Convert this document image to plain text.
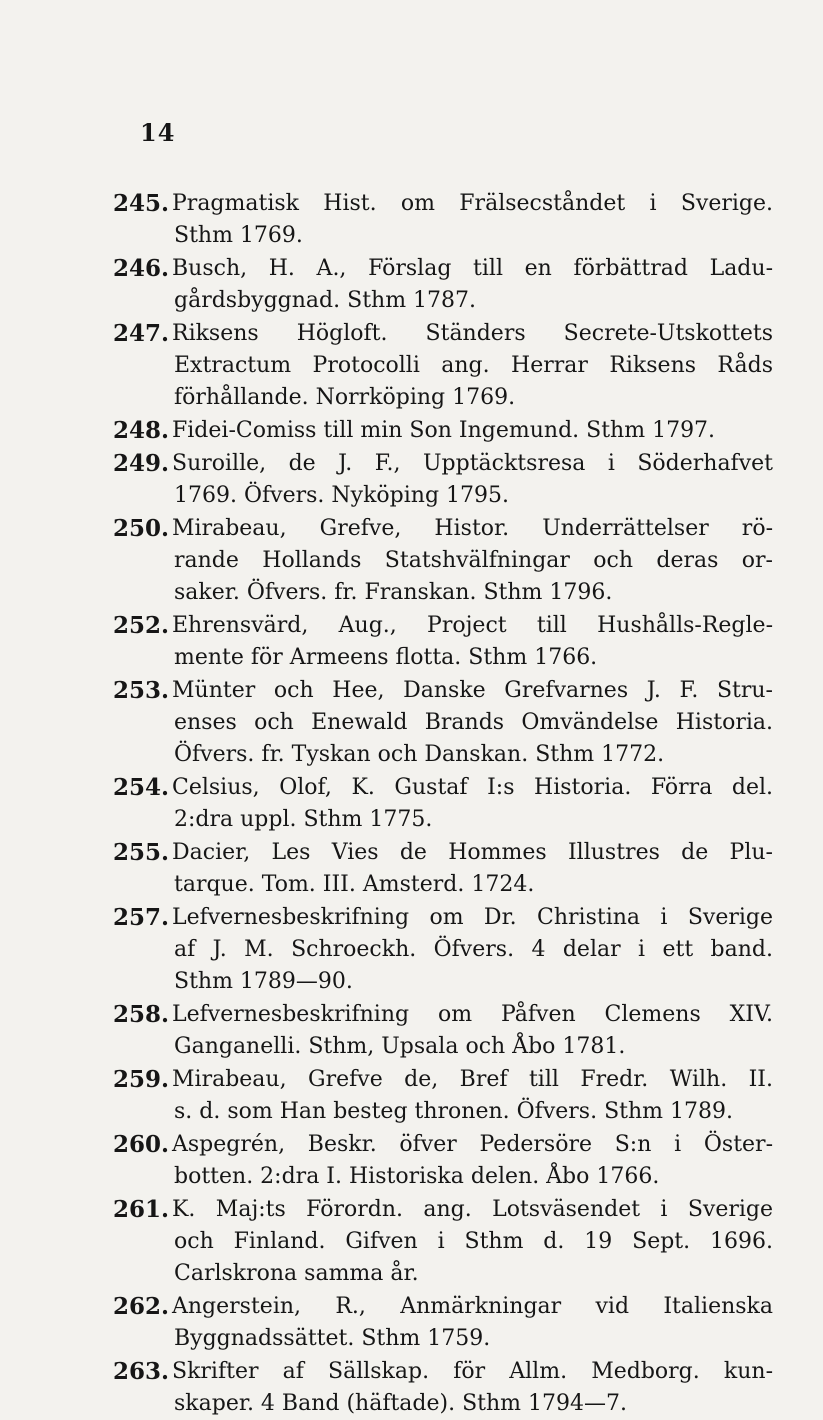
14
245. Pragmatisk Hist. om Frälsecståndet i Sverige.
Sthm 1769.
246. Busch, H. A., Förslag till en förbättrad Ladu-
gårdsbyggnad. Sthm 1787.
247. Riksens Högloft. Ständers Secrete-Utskottets
Extractum Protocolli ang. Herrar Riksens Råds
förhållande. Norrköping 1769.
248. Fidei-Comiss till min Son Ingemund. Sthm 1797.
249. Suroille, de J. F., Upptäcktsresa i Söderhafvet
1769. Öfvers. Nyköping 1795.
250. Mirabeau, Grefve, Histor. Underrättelser rö-
rande Hollands Statshvälfningar och deras or-
saker. Öfvers. fr. Franskan. Sthm 1796.
252. Ehrensvärd, Aug., Project till Hushålls-Regle-
mente för Armeens flotta. Sthm 1766.
253. Münter och Hee, Danske Grefvarnes J. F. Stru-
enses och Enewald Brands Omvändelse Historia.
Öfvers. fr. Tyskan och Danskan. Sthm 1772.
254. Celsius, Olof, K. Gustaf I:s Historia. Förra del.
2:dra uppl. Sthm 1775.
255. Dacier, Les Vies de Hommes Illustres de Plu-
tarque. Tom. III. Amsterd. 1724.
257. Lefvernesbeskrifning om Dr. Christina i Sverige
af J. M. Schroeckh. Öfvers. 4 delar i ett band.
Sthm 1789—90.
258. Lefvernesbeskrifning om Påfven Clemens XIV.
Ganganelli. Sthm, Upsala och Åbo 1781.
259. Mirabeau, Grefve de, Bref till Fredr. Wilh. II.
s. d. som Han besteg thronen. Öfvers. Sthm 1789.
260. Aspegrén, Beskr. öfver Pedersöre S:n i Öster-
botten. 2:dra I. Historiska delen. Åbo 1766.
261. K. Maj:ts Förordn. ang. Lotsväsendet i Sverige
och Finland. Gifven i Sthm d. 19 Sept. 1696.
Carlskrona samma år.
262. Angerstein, R., Anmärkningar vid Italienska
Byggnadssättet. Sthm 1759.
263. Skrifter af Sällskap. för Allm. Medborg. kun-
skaper. 4 Band (häftade). Sthm 1794—7.
